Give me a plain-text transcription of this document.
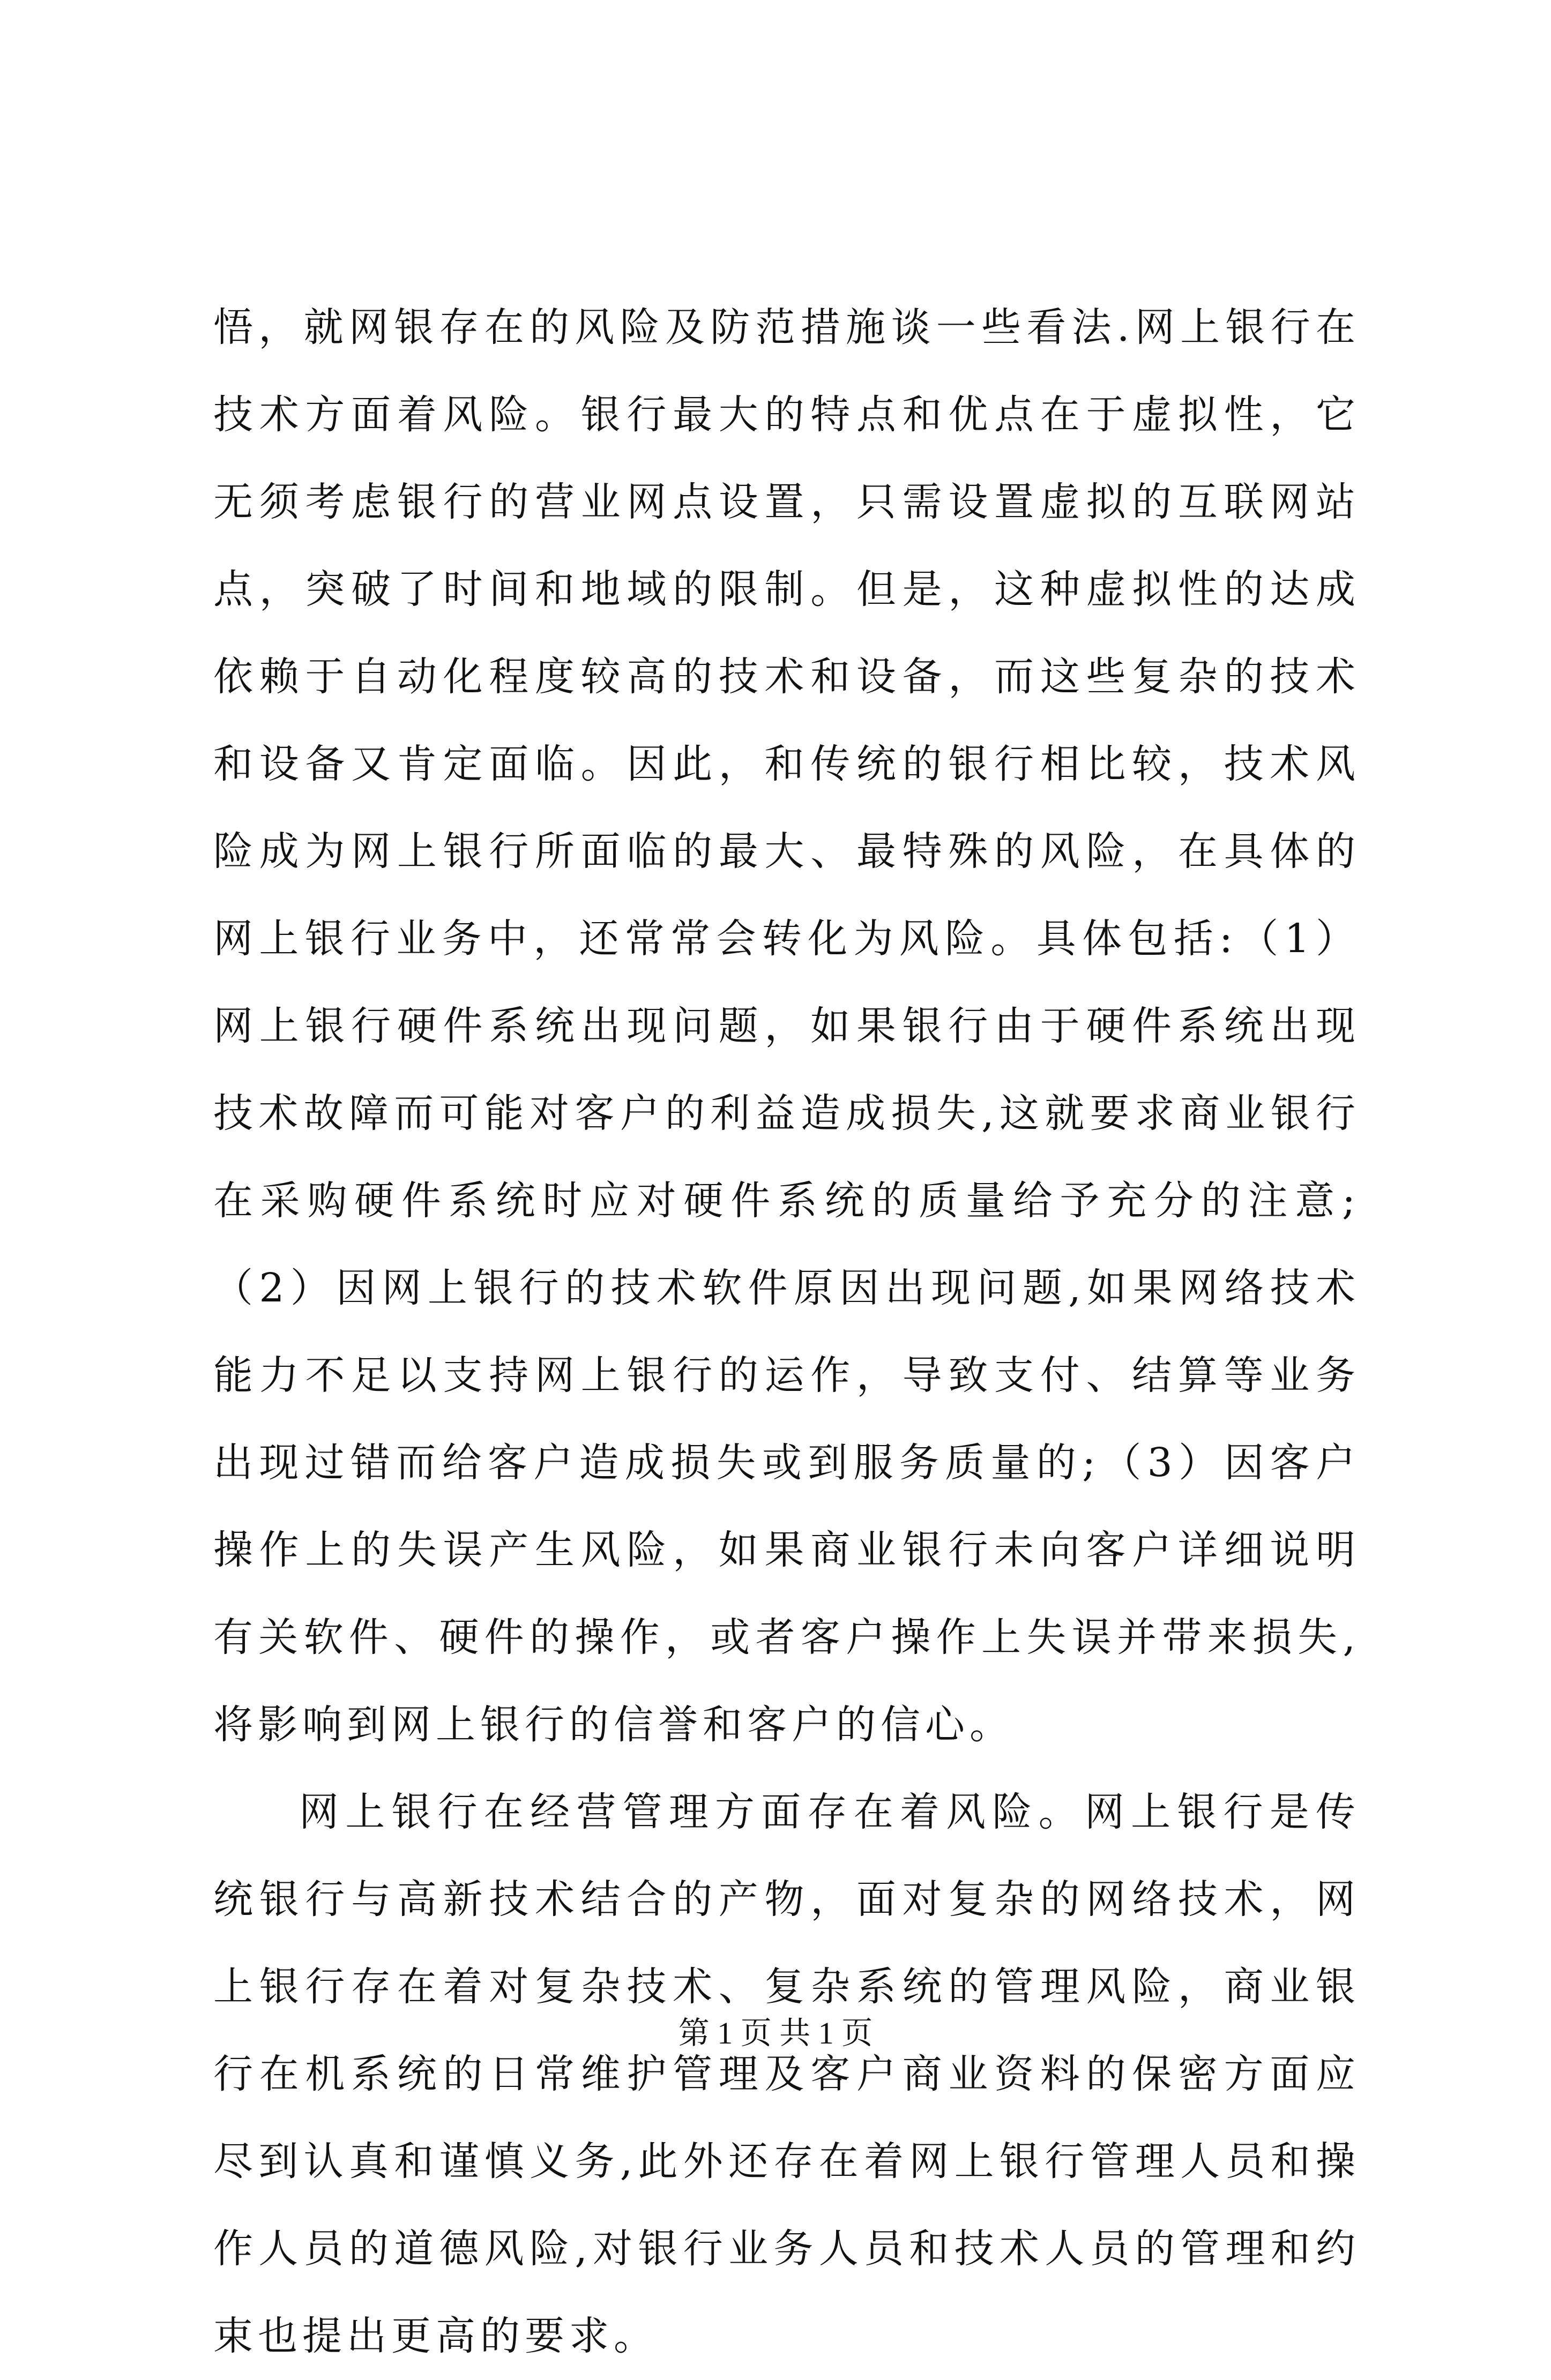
悟，就网银存在的风险及防范措施谈一些看法.网上银行在技术方面着风险。银行最大的特点和优点在于虚拟性，它无须考虑银行的营业网点设置，只需设置虚拟的互联网站点，突破了时间和地域的限制。但是，这种虚拟性的达成依赖于自动化程度较高的技术和设备，而这些复杂的技术和设备又肯定面临。因此，和传统的银行相比较，技术风险成为网上银行所面临的最大、最特殊的风险，在具体的网上银行业务中，还常常会转化为风险。具体包括:（1）网上银行硬件系统出现问题，如果银行由于硬件系统出现技术故障而可能对客户的利益造成损失,这就要求商业银行在采购硬件系统时应对硬件系统的质量给予充分的注意;（2）因网上银行的技术软件原因出现问题,如果网络技术能力不足以支持网上银行的运作，导致支付、结算等业务出现过错而给客户造成损失或到服务质量的;（3）因客户操作上的失误产生风险，如果商业银行未向客户详细说明有关软件、硬件的操作，或者客户操作上失误并带来损失,将影响到网上银行的信誉和客户的信心。

网上银行在经营管理方面存在着风险。网上银行是传统银行与高新技术结合的产物，面对复杂的网络技术，网上银行存在着对复杂技术、复杂系统的管理风险，商业银行在机系统的日常维护管理及客户商业资料的保密方面应尽到认真和谨慎义务,此外还存在着网上银行管理人员和操作人员的道德风险,对银行业务人员和技术人员的管理和约束也提出更高的要求。

第 1 页 共 1 页
